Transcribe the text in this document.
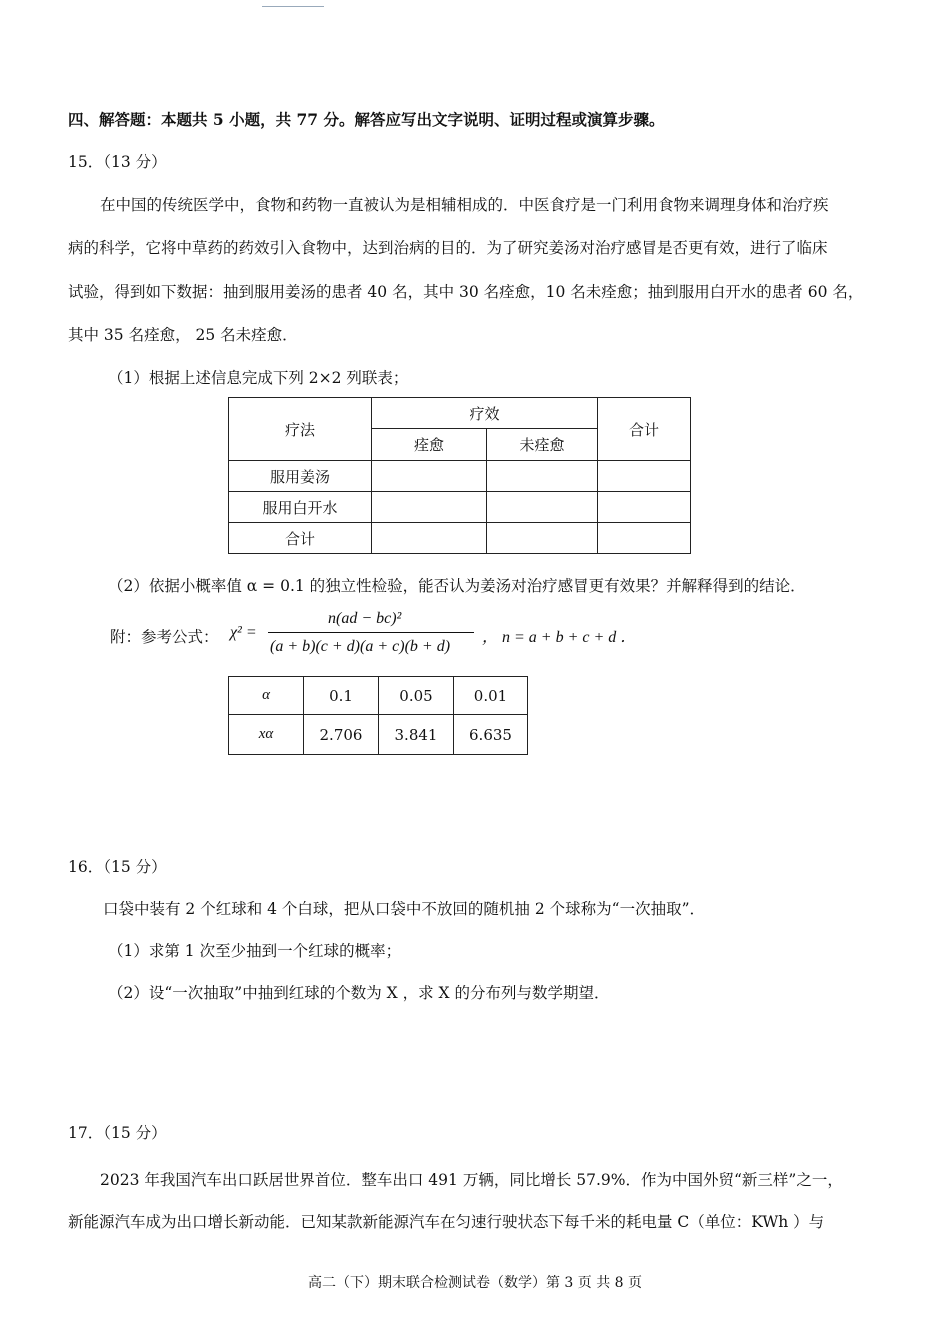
四、解答题：本题共 5 小题，共 77 分。解答应写出文字说明、证明过程或演算步骤。
15．（13 分）
在中国的传统医学中，食物和药物一直被认为是相辅相成的．中医食疗是一门利用食物来调理身体和治疗疾
病的科学，它将中草药的药效引入食物中，达到治病的目的．为了研究姜汤对治疗感冒是否更有效，进行了临床
试验，得到如下数据：抽到服用姜汤的患者 40 名，其中 30 名痊愈，10 名未痊愈；抽到服用白开水的患者 60 名，
其中 35 名痊愈， 25 名未痊愈．
（1）根据上述信息完成下列 2×2 列联表；
疗法	疗效		合计
	痊愈	未痊愈	
服用姜汤			
服用白开水			
合计			
（2）依据小概率值 α = 0.1 的独立性检验，能否认为姜汤对治疗感冒更有效果？并解释得到的结论．
附：参考公式： χ² =
n(ad − bc)²
(a + b)(c + d)(a + c)(b + d)
， n = a + b + c + d ．
α	0.1	0.05	0.01
xα	2.706	3.841	6.635
16．（15 分）
口袋中装有 2 个红球和 4 个白球，把从口袋中不放回的随机抽 2 个球称为“一次抽取”．
（1）求第 1 次至少抽到一个红球的概率；
（2）设“一次抽取”中抽到红球的个数为 X ，求 X 的分布列与数学期望．
17．（15 分）
2023 年我国汽车出口跃居世界首位．整车出口 491 万辆，同比增长 57.9%．作为中国外贸“新三样”之一，
新能源汽车成为出口增长新动能．已知某款新能源汽车在匀速行驶状态下每千米的耗电量 C（单位：KWh ）与
高二（下）期末联合检测试卷（数学）第 3 页 共 8 页
